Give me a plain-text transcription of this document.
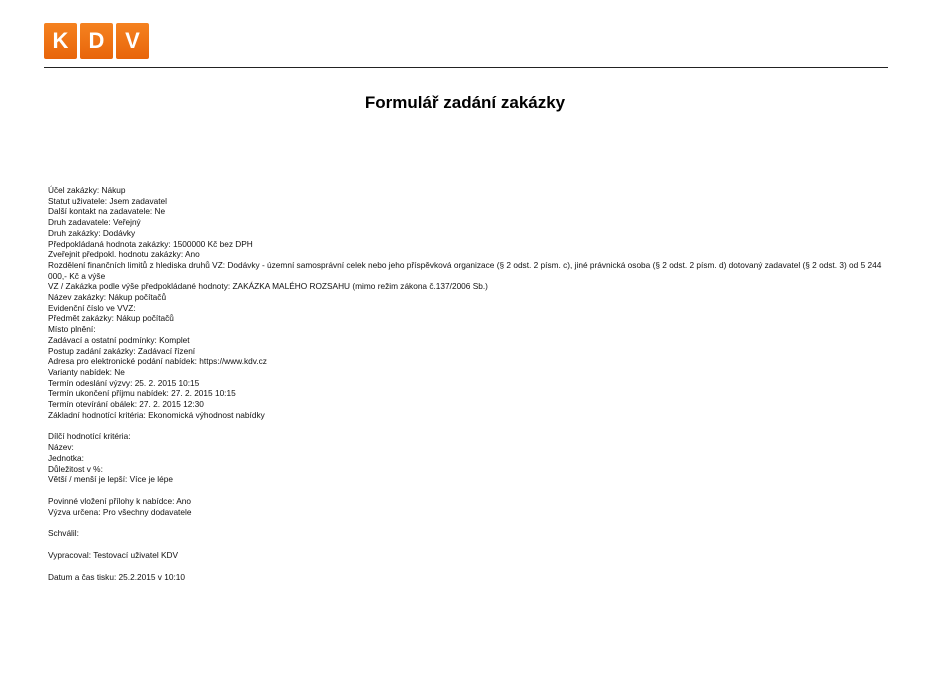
K D V
Formulář zadání zakázky
Účel zakázky: Nákup
Statut uživatele: Jsem zadavatel
Další kontakt na zadavatele: Ne
Druh zadavatele: Veřejný
Druh zakázky: Dodávky
Předpokládaná hodnota zakázky: 1500000 Kč bez DPH
Zveřejnit předpokl. hodnotu zakázky: Ano
Rozdělení finančních limitů z hlediska druhů VZ: Dodávky - územní samosprávní celek nebo jeho příspěvková organizace (§ 2 odst. 2 písm. c), jiné právnická osoba (§ 2 odst. 2 písm. d) dotovaný zadavatel (§ 2 odst. 3) od 5 244 000,- Kč a výše
VZ / Zakázka podle výše předpokládané hodnoty: ZAKÁZKA MALÉHO ROZSAHU (mimo režim zákona č.137/2006 Sb.)
Název zakázky: Nákup počítačů
Evidenční číslo ve VVZ:
Předmět zakázky: Nákup počítačů
Místo plnění:
Zadávací a ostatní podmínky: Komplet
Postup zadání zakázky: Zadávací řízení
Adresa pro elektronické podání nabídek: https://www.kdv.cz
Varianty nabídek: Ne
Termín odeslání výzvy: 25. 2. 2015 10:15
Termín ukončení příjmu nabídek: 27. 2. 2015 10:15
Termín otevírání obálek: 27. 2. 2015 12:30
Základní hodnotící kritéria: Ekonomická výhodnost nabídky
Dílčí hodnotící kritéria:
Název:
Jednotka:
Důležitost v %:
Větší / menší je lepší: Více je lépe
Povinné vložení přílohy k nabídce: Ano
Výzva určena: Pro všechny dodavatele
Schválil:
Vypracoval: Testovací uživatel KDV
Datum a čas tisku: 25.2.2015 v 10:10
